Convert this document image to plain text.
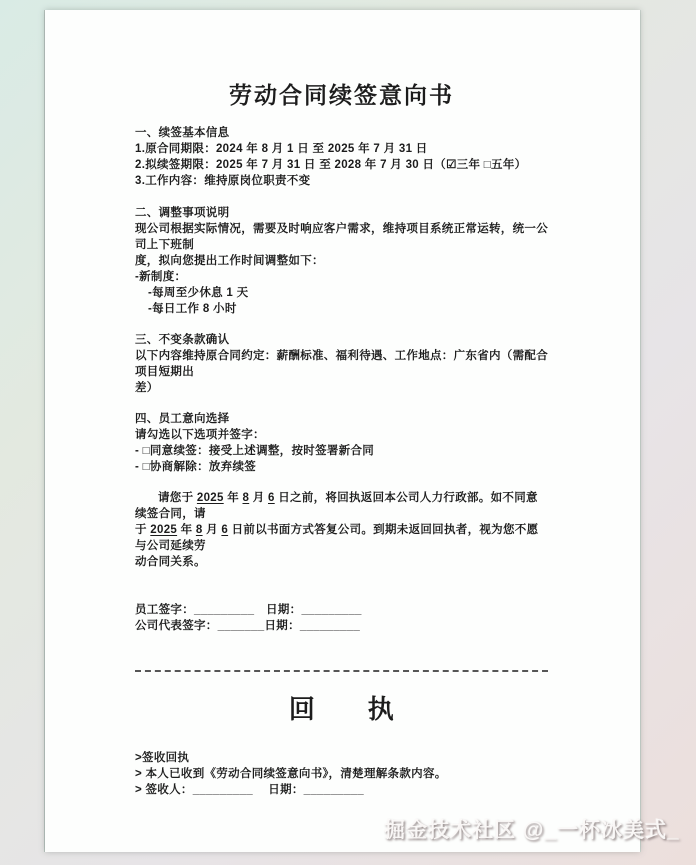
劳动合同续签意向书
一、续签基本信息
1.原合同期限：2024 年 8 月 1 日 至 2025 年 7 月 31 日
2.拟续签期限：2025 年 7 月 31 日 至 2028 年 7 月 30 日（☑三年 □五年）
3.工作内容：维持原岗位职责不变
二、调整事项说明
现公司根据实际情况，需要及时响应客户需求，维持项目系统正常运转，统一公司上下班制
度，拟向您提出工作时间调整如下：
-新制度：
-每周至少休息 1 天
-每日工作 8 小时
三、不变条款确认
以下内容维持原合同约定：薪酬标准、福利待遇、工作地点：广东省内（需配合项目短期出
差）
四、员工意向选择
请勾选以下选项并签字：
- □同意续签：接受上述调整，按时签署新合同
- □协商解除：放弃续签
请您于 2025 年 8 月 6 日之前，将回执返回本公司人力行政部。如不同意续签合同，请
于 2025 年 8 月 6 日前以书面方式答复公司。到期未返回回执者，视为您不愿与公司延续劳
动合同关系。
员工签字：_________　日期：_________
公司代表签字：_______日期：_________
回　　执
>签收回执
> 本人已收到《劳动合同续签意向书》，清楚理解条款内容。
> 签收人：_________　 日期：_________
掘金技术社区 @_一杯冰美式_
